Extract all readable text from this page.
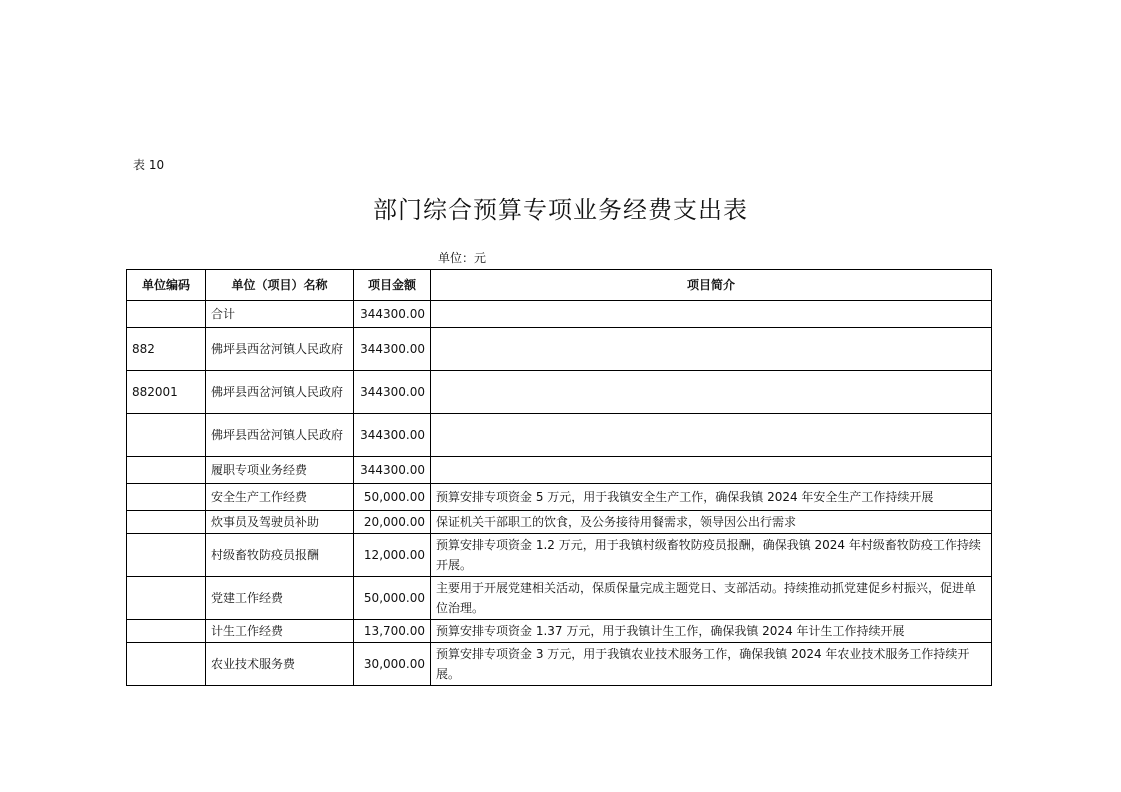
表 10
部门综合预算专项业务经费支出表
单位：元
单位编码	单位（项目）名称	项目金额	项目简介
	合计	344300.00	
882	佛坪县西岔河镇人民政府	344300.00	
882001	佛坪县西岔河镇人民政府	344300.00	
	佛坪县西岔河镇人民政府	344300.00	
	履职专项业务经费	344300.00	
	安全生产工作经费	50,000.00	预算安排专项资金 5 万元，用于我镇安全生产工作，确保我镇 2024 年安全生产工作持续开展
	炊事员及驾驶员补助	20,000.00	保证机关干部职工的饮食，及公务接待用餐需求，领导因公出行需求
	村级畜牧防疫员报酬	12,000.00	预算安排专项资金 1.2 万元，用于我镇村级畜牧防疫员报酬，确保我镇 2024 年村级畜牧防疫工作持续开展。
	党建工作经费	50,000.00	主要用于开展党建相关活动，保质保量完成主题党日、支部活动。持续推动抓党建促乡村振兴，促进单位治理。
	计生工作经费	13,700.00	预算安排专项资金 1.37 万元，用于我镇计生工作，确保我镇 2024 年计生工作持续开展
	农业技术服务费	30,000.00	预算安排专项资金 3 万元，用于我镇农业技术服务工作，确保我镇 2024 年农业技术服务工作持续开展。
